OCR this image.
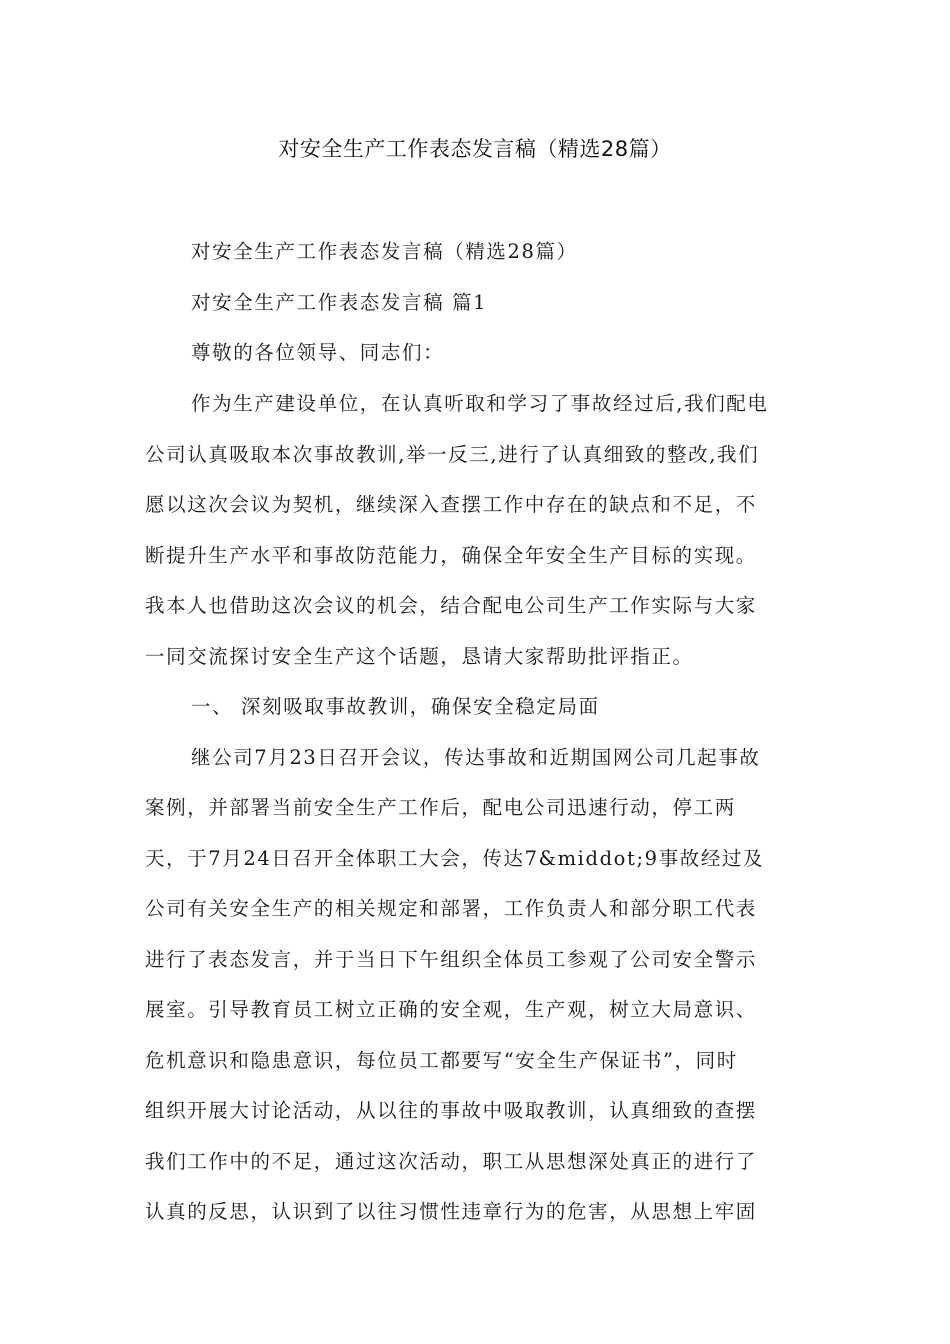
对安全生产工作表态发言稿（精选28篇）
对安全生产工作表态发言稿（精选28篇）
对安全生产工作表态发言稿 篇1
尊敬的各位领导、同志们：
作为生产建设单位，在认真听取和学习了事故经过后,我们配电
公司认真吸取本次事故教训,举一反三,进行了认真细致的整改,我们
愿以这次会议为契机，继续深入查摆工作中存在的缺点和不足，不
断提升生产水平和事故防范能力，确保全年安全生产目标的实现。
我本人也借助这次会议的机会，结合配电公司生产工作实际与大家
一同交流探讨安全生产这个话题，恳请大家帮助批评指正。
一、 深刻吸取事故教训，确保安全稳定局面
继公司7月23日召开会议，传达事故和近期国网公司几起事故
案例，并部署当前安全生产工作后，配电公司迅速行动，停工两
天，于7月24日召开全体职工大会，传达7&middot;9事故经过及
公司有关安全生产的相关规定和部署，工作负责人和部分职工代表
进行了表态发言，并于当日下午组织全体员工参观了公司安全警示
展室。引导教育员工树立正确的安全观，生产观，树立大局意识、
危机意识和隐患意识，每位员工都要写“安全生产保证书”，同时
组织开展大讨论活动，从以往的事故中吸取教训，认真细致的查摆
我们工作中的不足，通过这次活动，职工从思想深处真正的进行了
认真的反思，认识到了以往习惯性违章行为的危害，从思想上牢固
